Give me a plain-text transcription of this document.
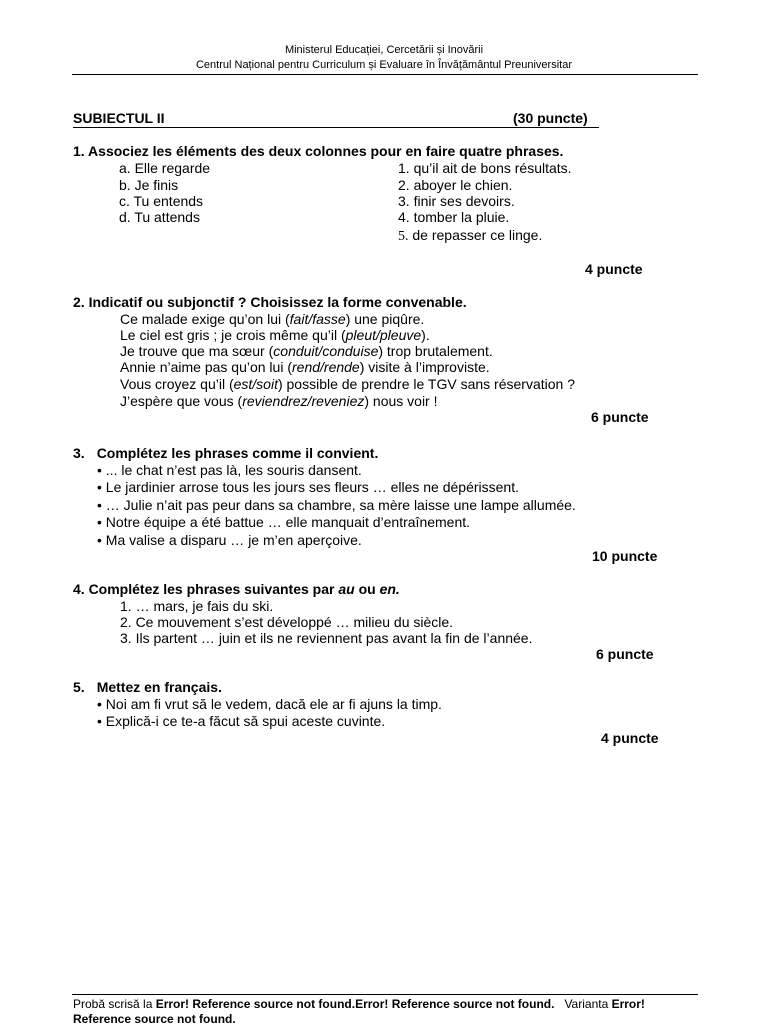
Ministerul Educației, Cercetării și Inovării
Centrul Național pentru Curriculum și Evaluare în Învățământul Preuniversitar
SUBIECTUL II	(30 puncte)
1. Associez les éléments des deux colonnes pour en faire quatre phrases.
a. Elle regarde
b. Je finis
c. Tu entends
d. Tu attends
1. qu’il ait de bons résultats.
2. aboyer le chien.
3. finir ses devoirs.
4. tomber la pluie.
5. de repasser ce linge.
4 puncte
2. Indicatif ou subjonctif ? Choisissez la forme convenable.
Ce malade exige qu’on lui (fait/fasse) une piqûre.
Le ciel est gris ; je crois même qu’il (pleut/pleuve).
Je trouve que ma sœur (conduit/conduise) trop brutalement.
Annie n’aime pas qu’on lui (rend/rende) visite à l’improviste.
Vous croyez qu’il (est/soit) possible de prendre le TGV sans réservation ?
J’espère que vous (reviendrez/reveniez) nous voir !
6 puncte
3. Complétez les phrases comme il convient.
• ... le chat n’est pas là, les souris dansent.
• Le jardinier arrose tous les jours ses fleurs … elles ne dépérissent.
• … Julie n’ait pas peur dans sa chambre, sa mère laisse une lampe allumée.
• Notre équipe a été battue … elle manquait d’entraînement.
• Ma valise a disparu … je m’en aperçoive.
10 puncte
4. Complétez les phrases suivantes par au ou en.
1. … mars, je fais du ski.
2. Ce mouvement s’est développé … milieu du siècle.
3. Ils partent … juin et ils ne reviennent pas avant la fin de l’année.
6 puncte
5. Mettez en français.
• Noi am fi vrut să le vedem, dacă ele ar fi ajuns la timp.
• Explică-i ce te-a făcut să spui aceste cuvinte.
4 puncte
Probă scrisă la Error! Reference source not found.Error! Reference source not found.   Varianta Error!
Reference source not found.
